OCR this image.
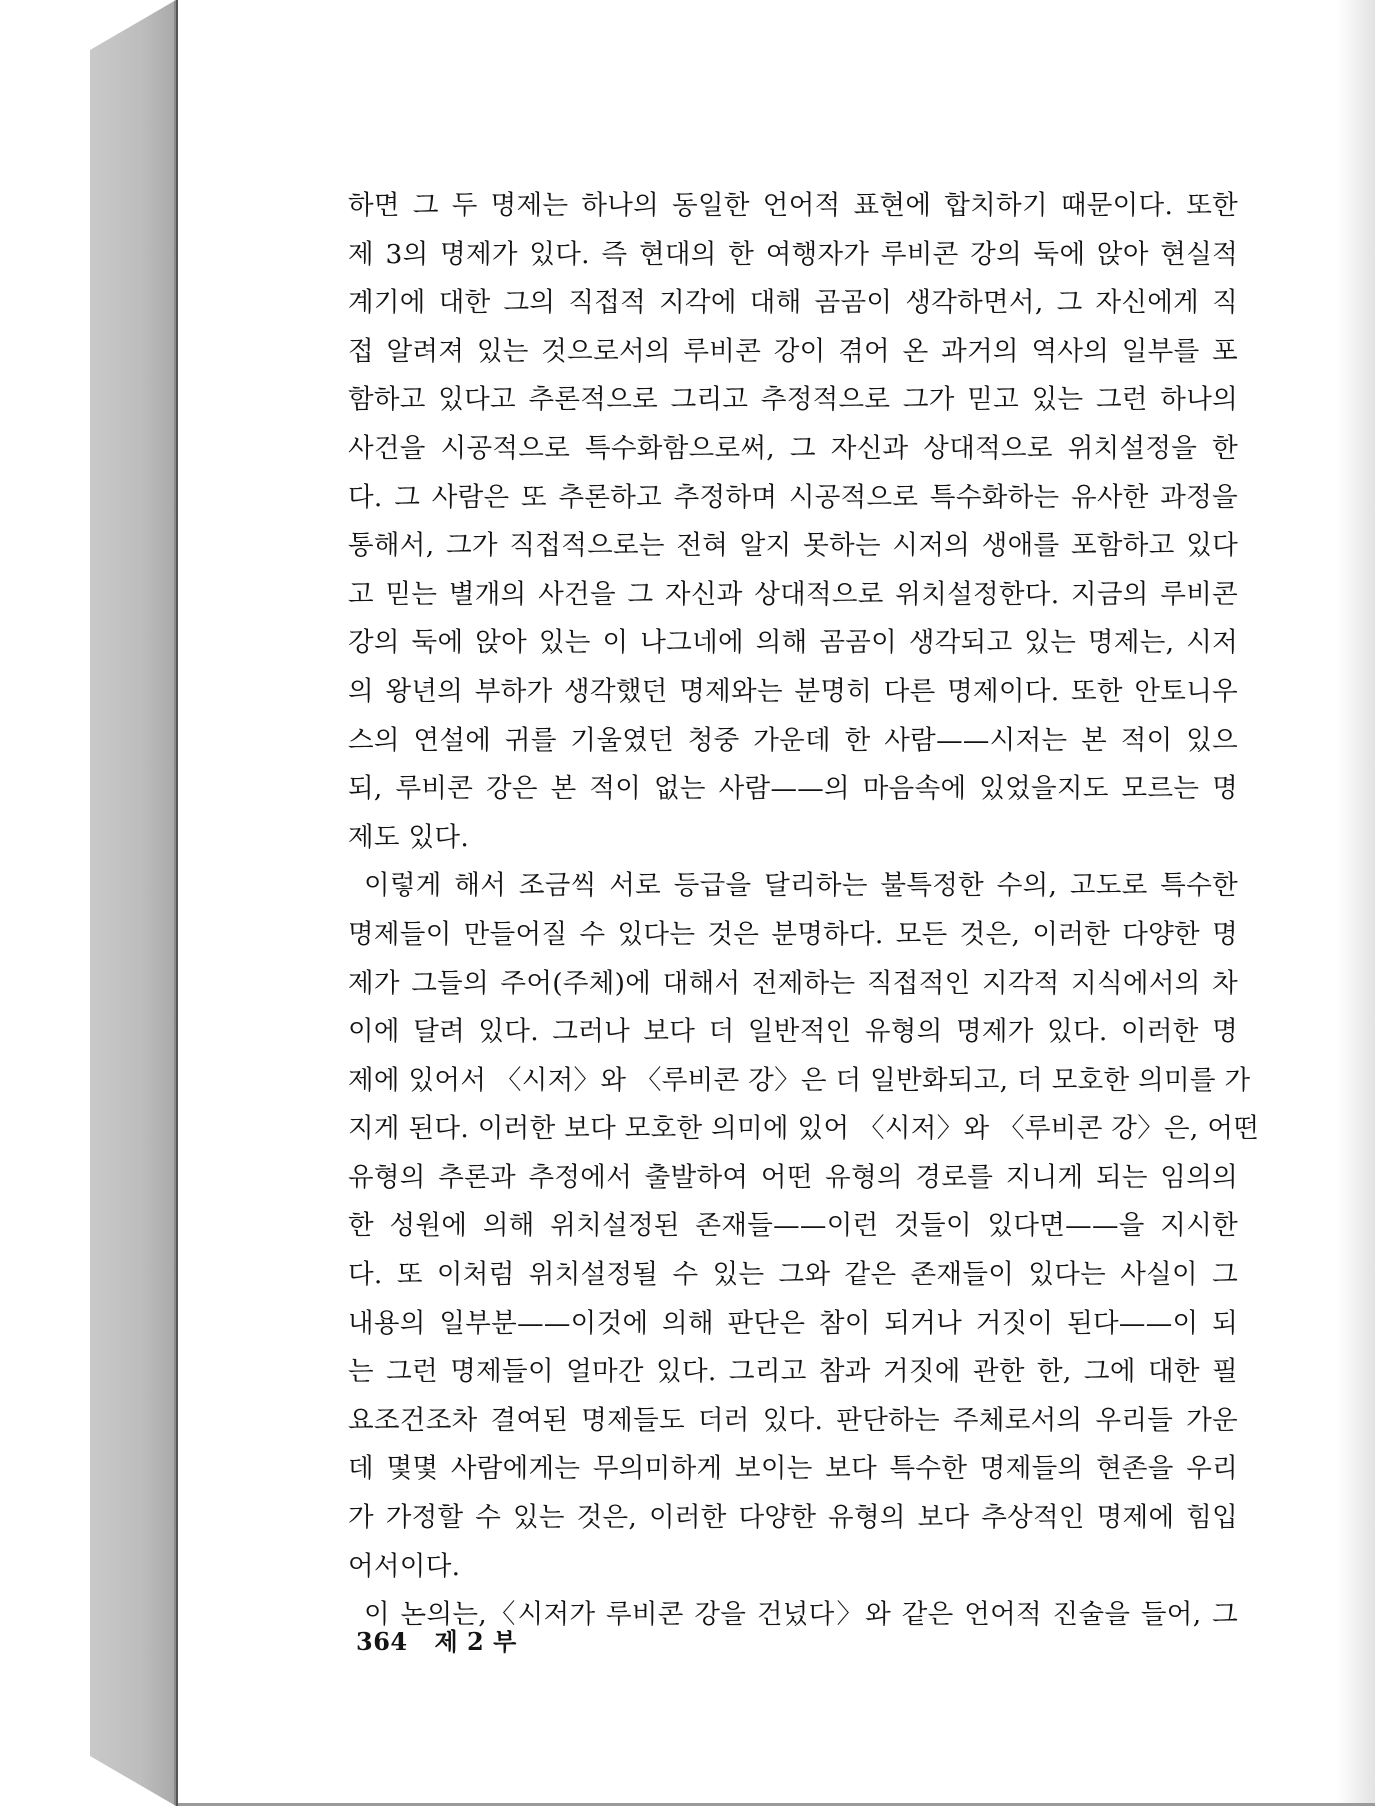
하면 그 두 명제는 하나의 동일한 언어적 표현에 합치하기 때문이다. 또한
제 3의 명제가 있다. 즉 현대의 한 여행자가 루비콘 강의 둑에 앉아 현실적
계기에 대한 그의 직접적 지각에 대해 곰곰이 생각하면서, 그 자신에게 직
접 알려져 있는 것으로서의 루비콘 강이 겪어 온 과거의 역사의 일부를 포
함하고 있다고 추론적으로 그리고 추정적으로 그가 믿고 있는 그런 하나의
사건을 시공적으로 특수화함으로써, 그 자신과 상대적으로 위치설정을 한
다. 그 사람은 또 추론하고 추정하며 시공적으로 특수화하는 유사한 과정을
통해서, 그가 직접적으로는 전혀 알지 못하는 시저의 생애를 포함하고 있다
고 믿는 별개의 사건을 그 자신과 상대적으로 위치설정한다. 지금의 루비콘
강의 둑에 앉아 있는 이 나그네에 의해 곰곰이 생각되고 있는 명제는, 시저
의 왕년의 부하가 생각했던 명제와는 분명히 다른 명제이다. 또한 안토니우
스의 연설에 귀를 기울였던 청중 가운데 한 사람——시저는 본 적이 있으
되, 루비콘 강은 본 적이 없는 사람——의 마음속에 있었을지도 모르는 명
제도 있다.
이렇게 해서 조금씩 서로 등급을 달리하는 불특정한 수의, 고도로 특수한
명제들이 만들어질 수 있다는 것은 분명하다. 모든 것은, 이러한 다양한 명
제가 그들의 주어(주체)에 대해서 전제하는 직접적인 지각적 지식에서의 차
이에 달려 있다. 그러나 보다 더 일반적인 유형의 명제가 있다. 이러한 명
제에 있어서 〈시저〉와 〈루비콘 강〉은 더 일반화되고, 더 모호한 의미를 가
지게 된다. 이러한 보다 모호한 의미에 있어 〈시저〉와 〈루비콘 강〉은, 어떤
유형의 추론과 추정에서 출발하여 어떤 유형의 경로를 지니게 되는 임의의
한 성원에 의해 위치설정된 존재들——이런 것들이 있다면——을 지시한
다. 또 이처럼 위치설정될 수 있는 그와 같은 존재들이 있다는 사실이 그
내용의 일부분——이것에 의해 판단은 참이 되거나 거짓이 된다——이 되
는 그런 명제들이 얼마간 있다. 그리고 참과 거짓에 관한 한, 그에 대한 필
요조건조차 결여된 명제들도 더러 있다. 판단하는 주체로서의 우리들 가운
데 몇몇 사람에게는 무의미하게 보이는 보다 특수한 명제들의 현존을 우리
가 가정할 수 있는 것은, 이러한 다양한 유형의 보다 추상적인 명제에 힘입
어서이다.
이 논의는,〈시저가 루비콘 강을 건넜다〉와 같은 언어적 진술을 들어, 그
364 제 2 부
